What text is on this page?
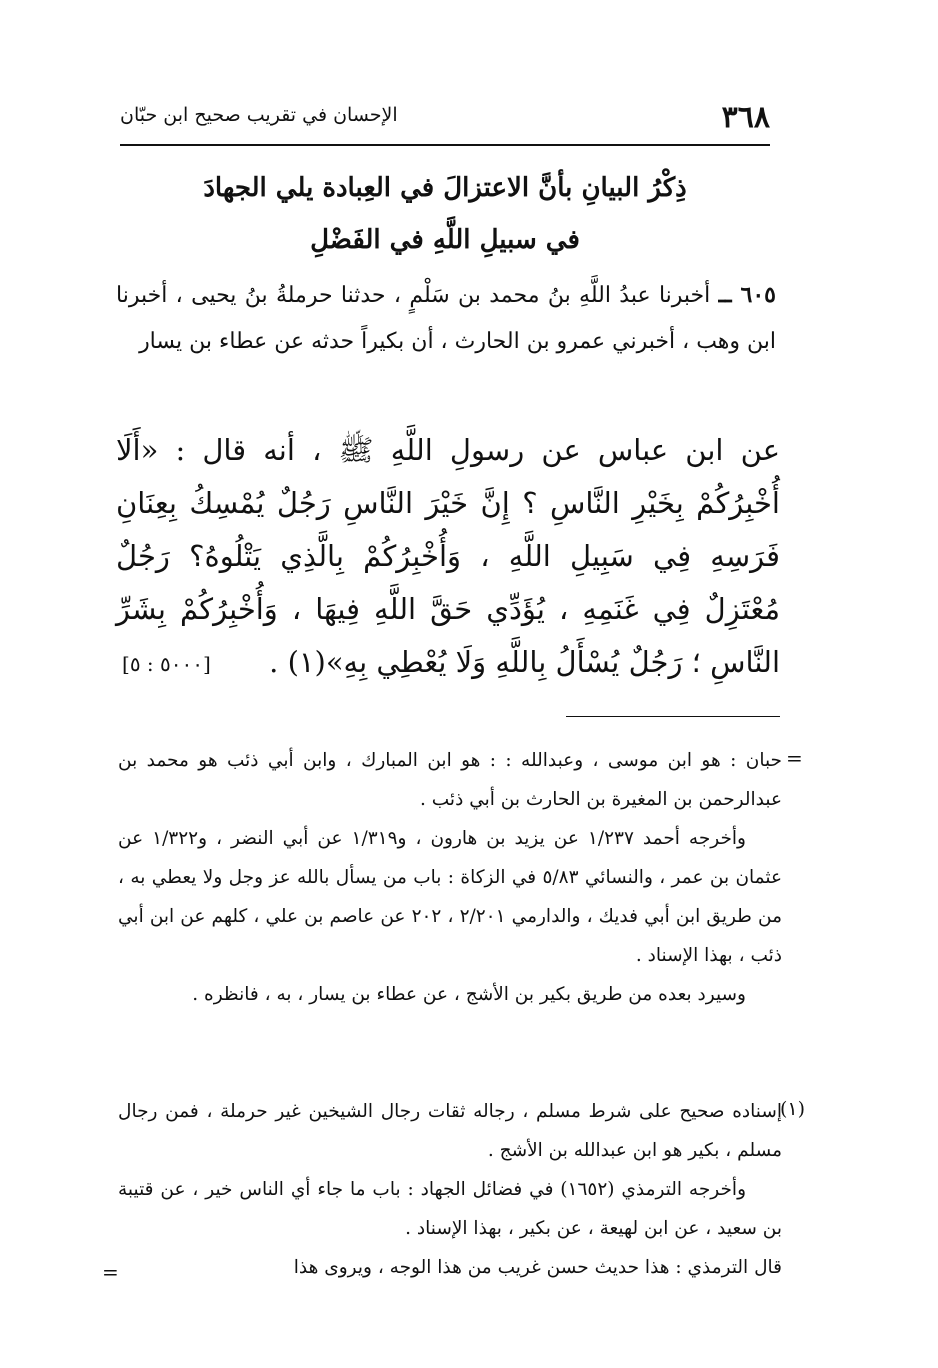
٣٦٨
الإحسان في تقريب صحيح ابن حبّان
ذِكْرُ البيانِ بأنَّ الاعتزالَ في العِبادة يلي الجهادَ
في سبيلِ اللَّهِ في الفَضْلِ
٦٠٥ ــ أخبرنا عبدُ اللَّهِ بنُ محمد بن سَلْمٍ ، حدثنا حرملةُ بنُ يحيى ، أخبرنا ابن وهب ، أخبرني عمرو بن الحارث ، أن بكيراً حدثه عن عطاء بن يسار
عن ابن عباس عن رسولِ اللَّهِ ﷺ ، أنه قال : «أَلَا أُخْبِرُكُمْ بِخَيْرِ النَّاسِ ؟ إِنَّ خَيْرَ النَّاسِ رَجُلٌ يُمْسِكُ بِعِنَانِ فَرَسِهِ فِي سَبِيلِ اللَّهِ ، وَأُخْبِرُكُمْ بِالَّذِي يَتْلُوهُ؟ رَجُلٌ مُعْتَزِلٌ فِي غَنَمِهِ ، يُؤَدِّي حَقَّ اللَّهِ فِيهَا ، وَأُخْبِرُكُمْ بِشَرِّ النَّاسِ ؛ رَجُلٌ يُسْأَلُ بِاللَّهِ وَلَا يُعْطِي بِهِ»(١) .
[٥٠٠٠ : ٥]
=

حبان : هو ابن موسى ، وعبدالله : : هو ابن المبارك ، وابن أبي ذئب هو محمد بن عبدالرحمن بن المغيرة بن الحارث بن أبي ذئب .

وأخرجه أحمد ١/٢٣٧ عن يزيد بن هارون ، و١/٣١٩ عن أبي النضر ، و١/٣٢٢ عن عثمان بن عمر ، والنسائي ٥/٨٣ في الزكاة : باب من يسأل بالله عز وجل ولا يعطي به ، من طريق ابن أبي فديك ، والدارمي ٢/٢٠١ ، ٢٠٢ عن عاصم بن علي ، كلهم عن ابن أبي ذئب ، بهذا الإسناد .

وسيرد بعده من طريق بكير بن الأشج ، عن عطاء بن يسار ، به ، فانظره .

(١)

إسناده صحيح على شرط مسلم ، رجاله ثقات رجال الشيخين غير حرملة ، فمن رجال مسلم ، بكير هو ابن عبدالله بن الأشج .

وأخرجه الترمذي (١٦٥٢) في فضائل الجهاد : باب ما جاء أي الناس خير ، عن قتيبة بن سعيد ، عن ابن لهيعة ، عن بكير ، بهذا الإسناد .

قال الترمذي : هذا حديث حسن غريب من هذا الوجه ، ويروى هذا

=
